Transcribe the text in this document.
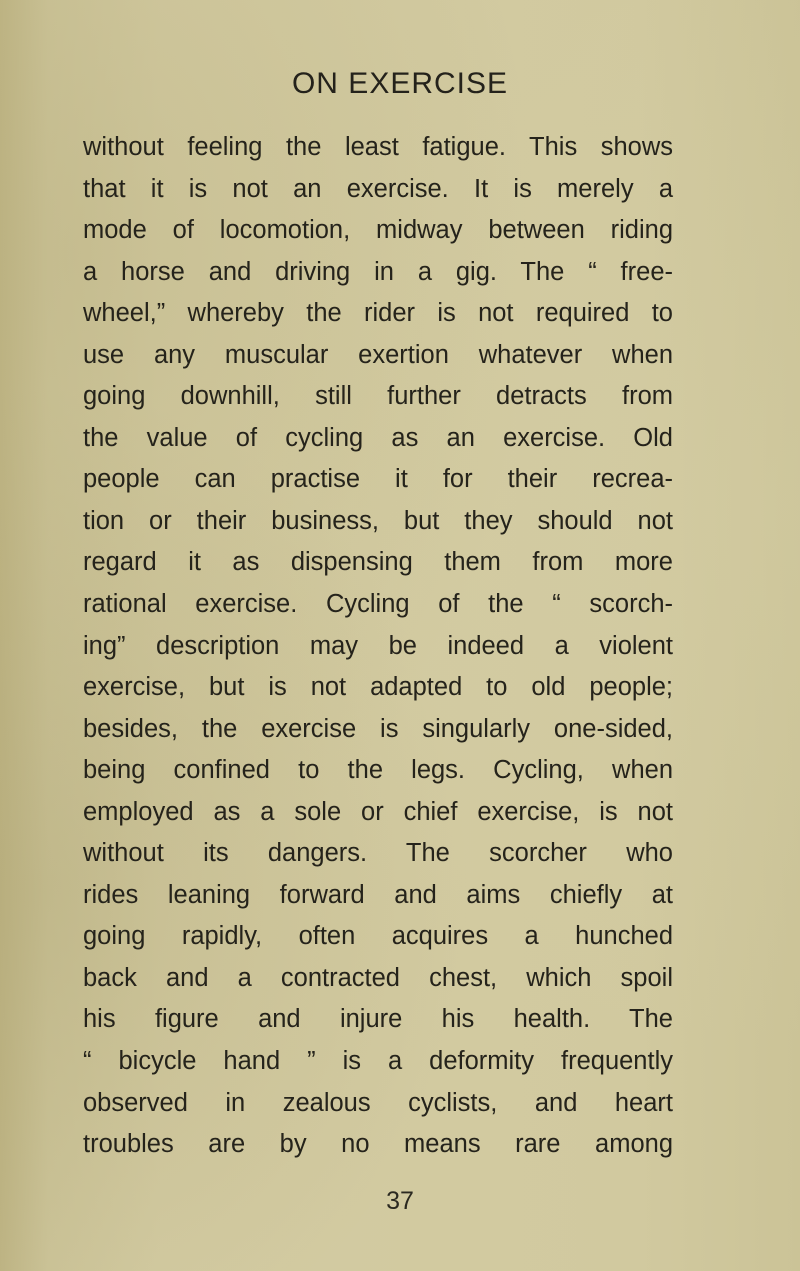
ON EXERCISE
without feeling the least fatigue. This shows
that it is not an exercise. It is merely a
mode of locomotion, midway between riding
a horse and driving in a gig. The “ free-
wheel,” whereby the rider is not required to
use any muscular exertion whatever when
going downhill, still further detracts from
the value of cycling as an exercise. Old
people can practise it for their recrea-
tion or their business, but they should not
regard it as dispensing them from more
rational exercise. Cycling of the “ scorch-
ing” description may be indeed a violent
exercise, but is not adapted to old people;
besides, the exercise is singularly one-sided,
being confined to the legs. Cycling, when
employed as a sole or chief exercise, is not
without its dangers. The scorcher who
rides leaning forward and aims chiefly at
going rapidly, often acquires a hunched
back and a contracted chest, which spoil
his figure and injure his health. The
“ bicycle hand ” is a deformity frequently
observed in zealous cyclists, and heart
troubles are by no means rare among
37
